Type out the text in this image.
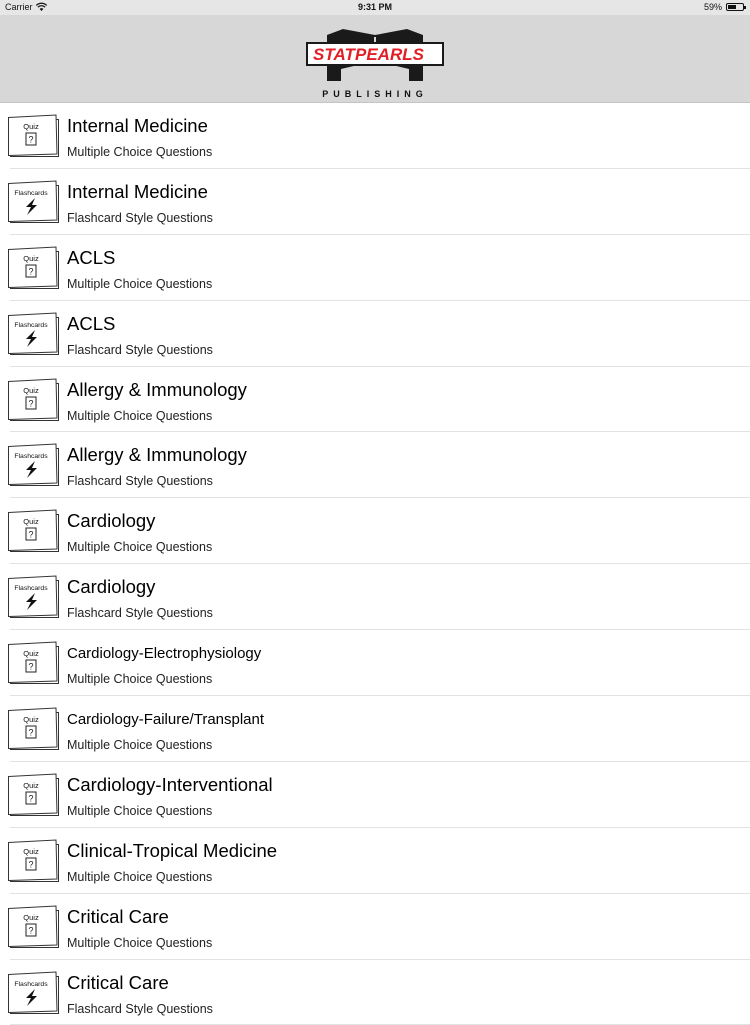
Carrier	9:31 PM	59%
STAT PEARLS
PUBLISHING
Quiz
?
Internal Medicine
Multiple Choice Questions
Flashcards Internal Medicine
Flashcard Style Questions
Quiz
?
ACLS
Multiple Choice Questions
Flashcards ACLS
Flashcard Style Questions
Quiz
?
Allergy & Immunology
Multiple Choice Questions
Flashcards Allergy & Immunology
Flashcard Style Questions
Quiz
?
Cardiology
Multiple Choice Questions
Flashcards Cardiology
Flashcard Style Questions
Quiz
?
Cardiology-Electrophysiology
Multiple Choice Questions
Quiz
?
Cardiology-Failure/Transplant
Multiple Choice Questions
Quiz
?
Cardiology-Interventional
Multiple Choice Questions
Quiz
?
Clinical-Tropical Medicine
Multiple Choice Questions
Quiz
?
Critical Care
Multiple Choice Questions
Flashcards Critical Care
Flashcard Style Questions
